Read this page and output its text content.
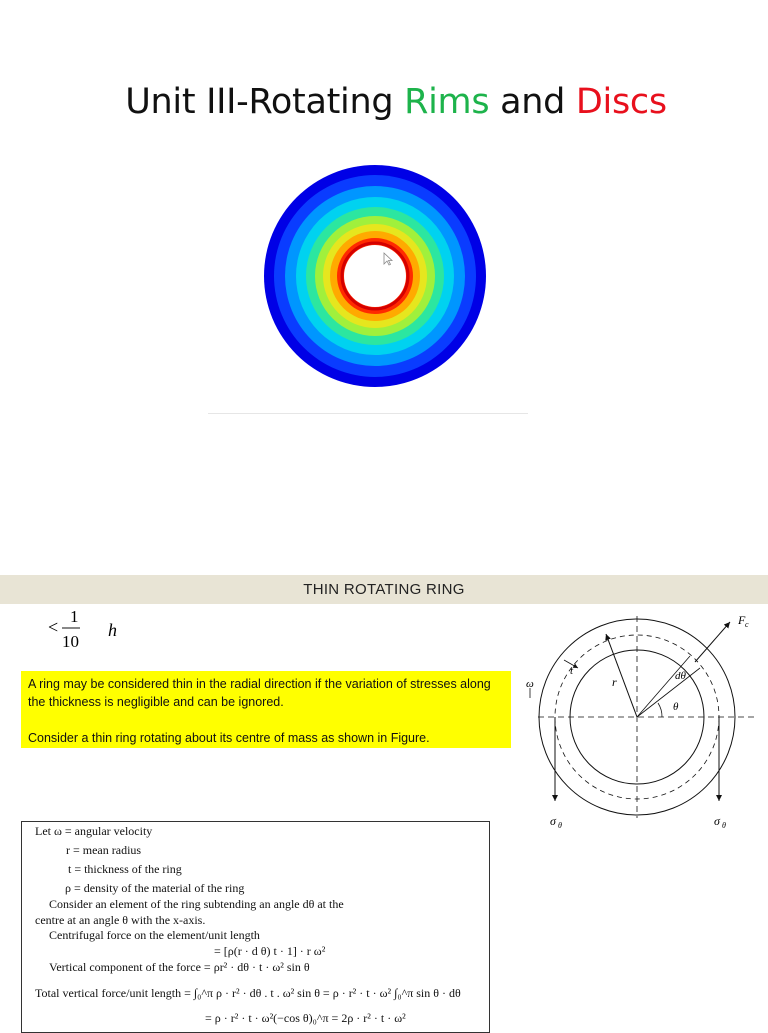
Unit III-Rotating Rims and Discs
THIN ROTATING RING
<
1
10
h

A ring may be considered thin in the radial direction if the variation of stresses along the thickness is negligible and can be ignored.

Consider a thin ring rotating about its centre of mass as shown in Figure.

F c
ω
t
r	dθ
θ
σ θ	σ θ
Let ω = angular velocity
r = mean radius
t = thickness of the ring
ρ = density of the material of the ring
Consider an element of the ring subtending an angle dθ at the
centre at an angle θ with the x-axis.
Centrifugal force on the element/unit length
= [ρ(r · d θ) t · 1] · r ω²
Vertical component of the force = ρr² · dθ · t · ω² sin θ
Total vertical force/unit length = ∫₀^π ρ · r² · dθ . t . ω² sin θ = ρ · r² · t · ω² ∫₀^π sin θ · dθ
= ρ · r² · t · ω²(−cos θ)₀^π = 2ρ · r² · t · ω²
